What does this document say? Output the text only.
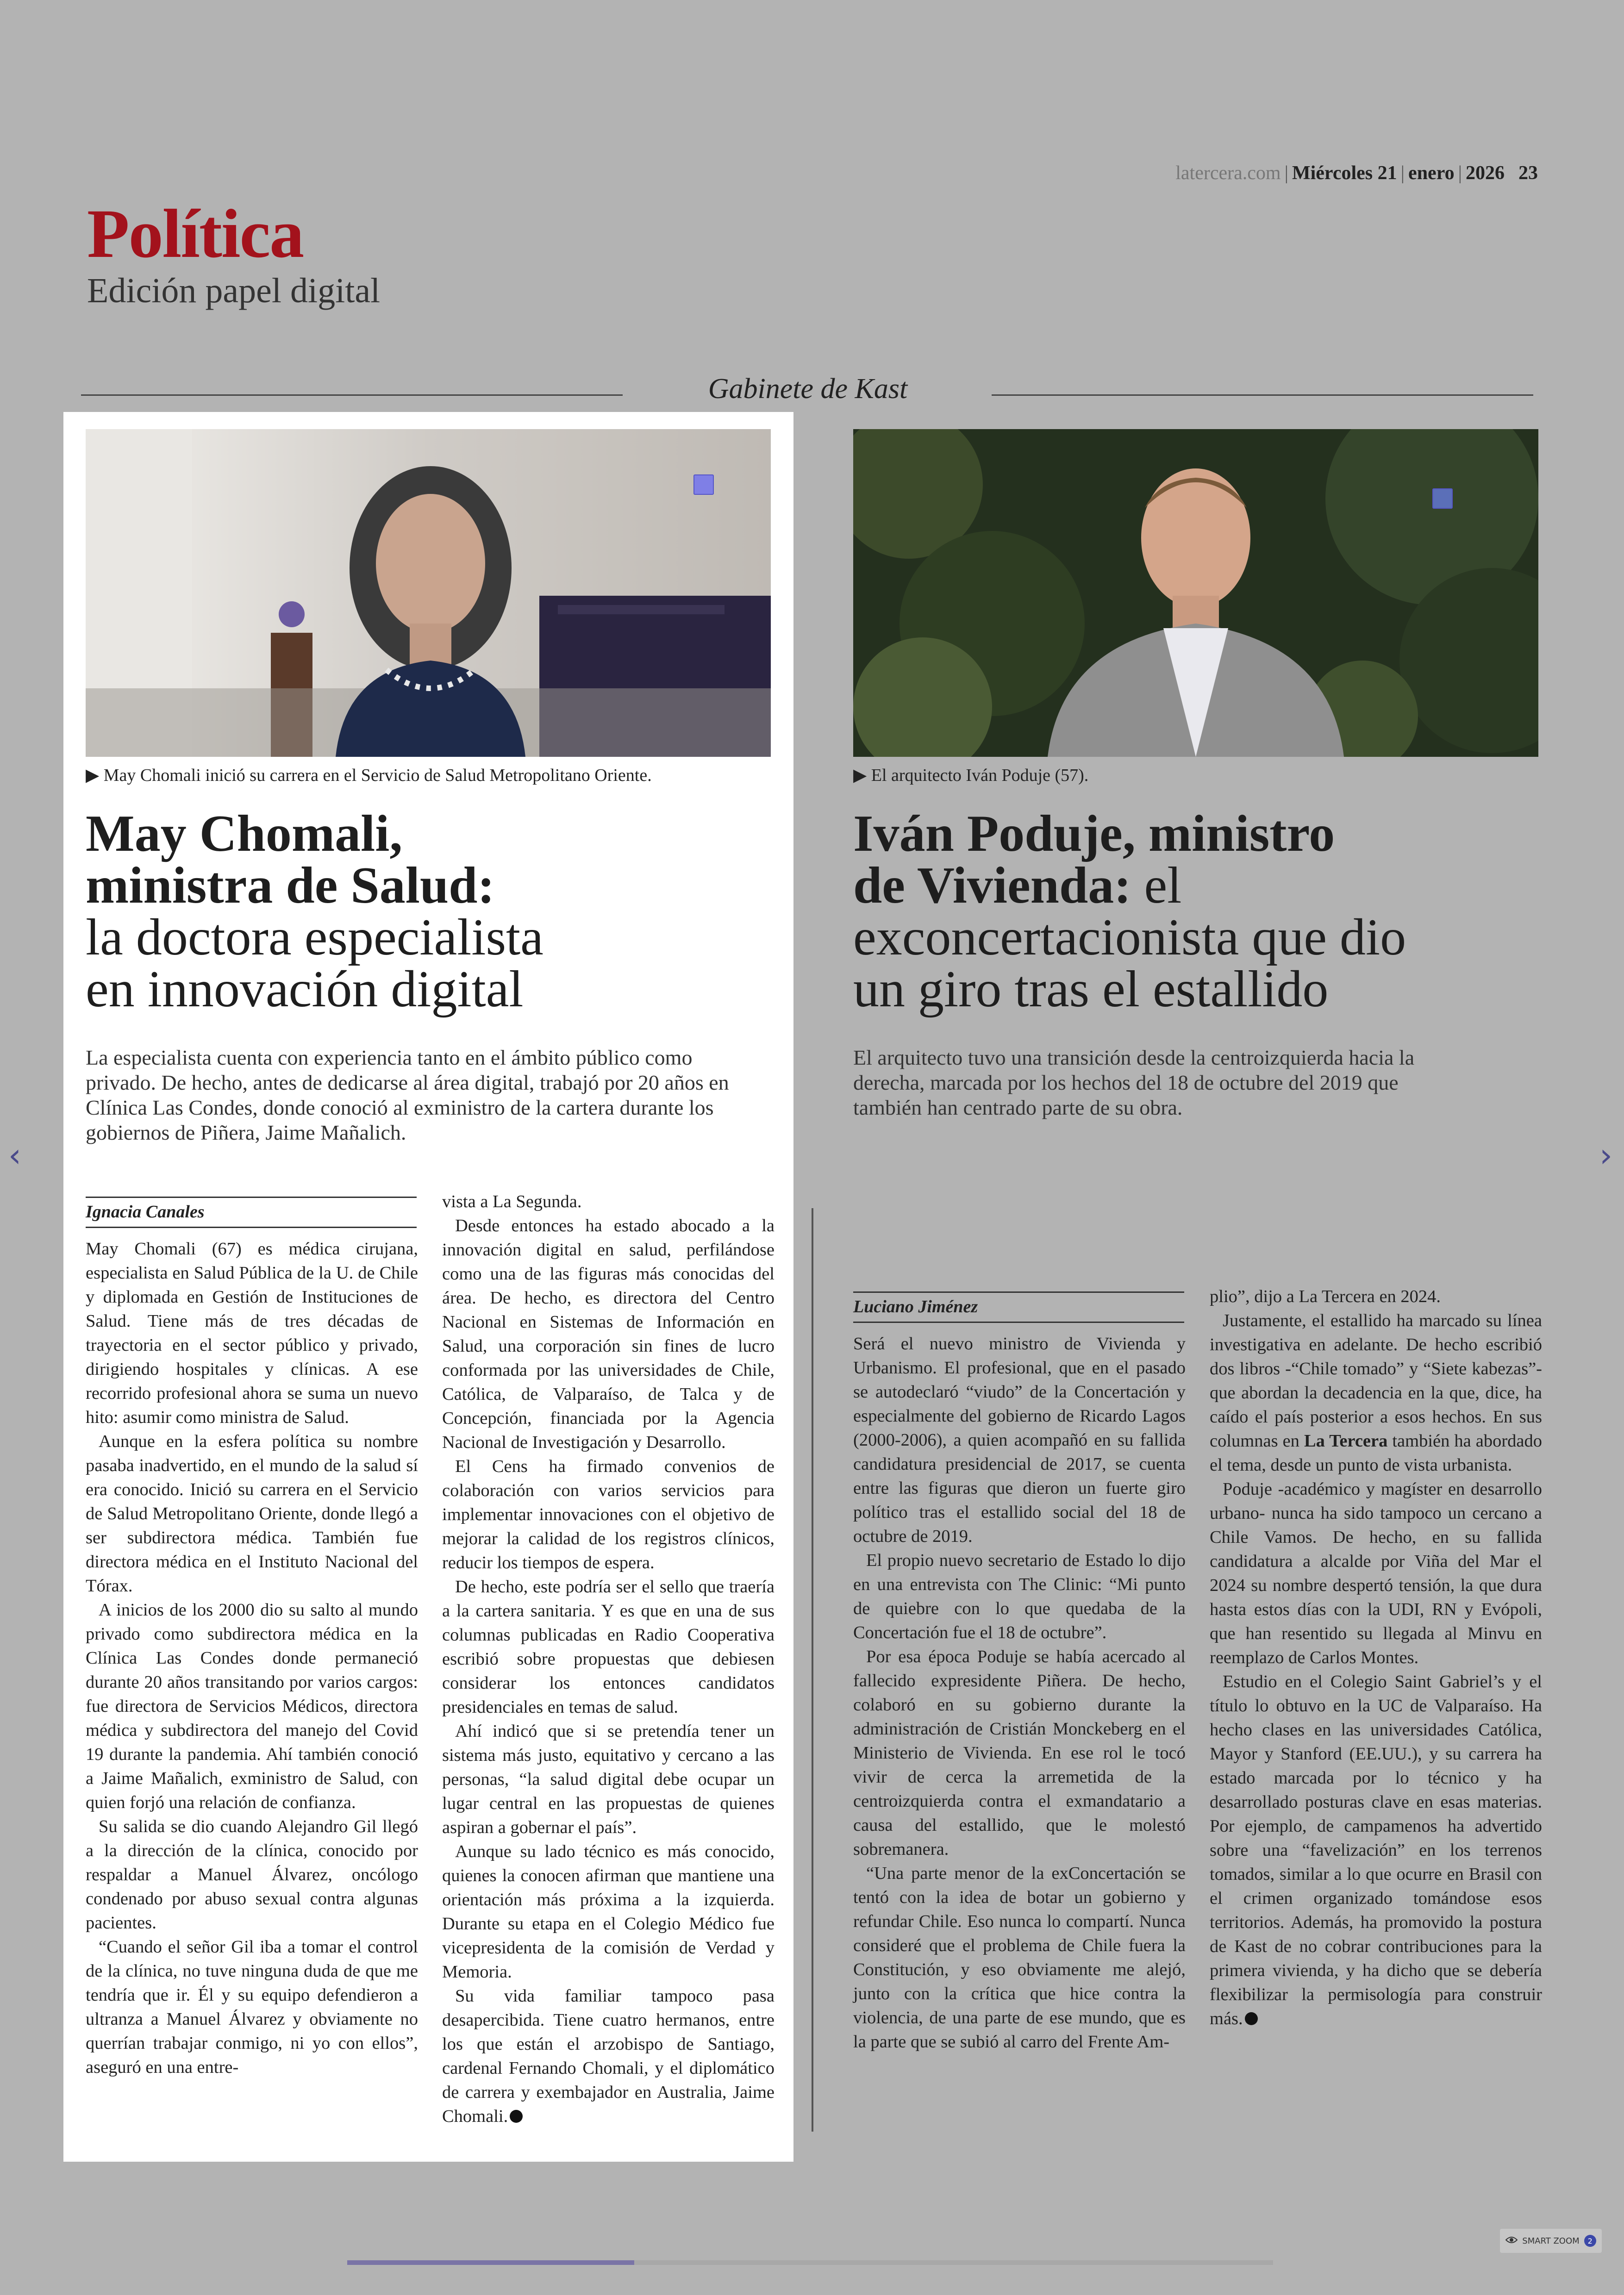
latercera.com | Miércoles 21 | enero | 2026 23
Política
Edición papel digital
Gabinete de Kast
▶ May Chomali inició su carrera en el Servicio de Salud Metropolitano Oriente.
May Chomali,
ministra de Salud:
la doctora especialista
en innovación digital
La especialista cuenta con experiencia tanto en el ámbito público como privado. De hecho, antes de dedicarse al área digital, trabajó por 20 años en Clínica Las Condes, donde conoció al exministro de la cartera durante los gobiernos de Piñera, Jaime Mañalich.
Ignacia Canales

May Chomali (67) es médica cirujana, especialista en Salud Pública de la U. de Chile y diplomada en Gestión de Instituciones de Salud. Tiene más de tres décadas de trayectoria en el sector público y privado, dirigiendo hospitales y clínicas. A ese recorrido profesional ahora se suma un nuevo hito: asumir como ministra de Salud.

Aunque en la esfera política su nombre pasaba inadvertido, en el mundo de la salud sí era conocido. Inició su carrera en el Servicio de Salud Metropolitano Oriente, donde llegó a ser subdirectora médica. También fue directora médica en el Instituto Nacional del Tórax.

A inicios de los 2000 dio su salto al mundo privado como subdirectora médica en la Clínica Las Condes donde permaneció durante 20 años transitando por varios cargos: fue directora de Servicios Médicos, directora médica y subdirectora del manejo del Covid 19 durante la pandemia. Ahí también conoció a Jaime Mañalich, exministro de Salud, con quien forjó una relación de confianza.

Su salida se dio cuando Alejandro Gil llegó a la dirección de la clínica, conocido por respaldar a Manuel Álvarez, oncólogo condenado por abuso sexual contra algunas pacientes.

“Cuando el señor Gil iba a tomar el control de la clínica, no tuve ninguna duda de que me tendría que ir. Él y su equipo defendieron a ultranza a Manuel Álvarez y obviamente no querrían trabajar conmigo, ni yo con ellos”, aseguró en una entre-

vista a La Segunda.

Desde entonces ha estado abocado a la innovación digital en salud, perfilándose como una de las figuras más conocidas del área. De hecho, es directora del Centro Nacional en Sistemas de Información en Salud, una corporación sin fines de lucro conformada por las universidades de Chile, Católica, de Valparaíso, de Talca y de Concepción, financiada por la Agencia Nacional de Investigación y Desarrollo.

El Cens ha firmado convenios de colaboración con varios servicios para implementar innovaciones con el objetivo de mejorar la calidad de los registros clínicos, reducir los tiempos de espera.

De hecho, este podría ser el sello que traería a la cartera sanitaria. Y es que en una de sus columnas publicadas en Radio Cooperativa escribió sobre propuestas que debiesen considerar los entonces candidatos presidenciales en temas de salud.

Ahí indicó que si se pretendía tener un sistema más justo, equitativo y cercano a las personas, “la salud digital debe ocupar un lugar central en las propuestas de quienes aspiran a gobernar el país”.

Aunque su lado técnico es más conocido, quienes la conocen afirman que mantiene una orientación más próxima a la izquierda. Durante su etapa en el Colegio Médico fue vicepresidenta de la comisión de Verdad y Memoria.

Su vida familiar tampoco pasa desapercibida. Tiene cuatro hermanos, entre los que están el arzobispo de Santiago, cardenal Fernando Chomali, y el diplomático de carrera y exembajador en Australia, Jaime Chomali.

▶ El arquitecto Iván Poduje (57).
Iván Poduje, ministro
de Vivienda: el
exconcertacionista que dio
un giro tras el estallido
El arquitecto tuvo una transición desde la centroizquierda hacia la derecha, marcada por los hechos del 18 de octubre del 2019 que también han centrado parte de su obra.
Luciano Jiménez

Será el nuevo ministro de Vivienda y Urbanismo. El profesional, que en el pasado se autodeclaró “viudo” de la Concertación y especialmente del gobierno de Ricardo Lagos (2000-2006), a quien acompañó en su fallida candidatura presidencial de 2017, se cuenta entre las figuras que dieron un fuerte giro político tras el estallido social del 18 de octubre de 2019.

El propio nuevo secretario de Estado lo dijo en una entrevista con The Clinic: “Mi punto de quiebre con lo que quedaba de la Concertación fue el 18 de octubre”.

Por esa época Poduje se había acercado al fallecido expresidente Piñera. De hecho, colaboró en su gobierno durante la administración de Cristián Monckeberg en el Ministerio de Vivienda. En ese rol le tocó vivir de cerca la arremetida de la centroizquierda contra el exmandatario a causa del estallido, que le molestó sobremanera.

“Una parte menor de la exConcertación se tentó con la idea de botar un gobierno y refundar Chile. Eso nunca lo compartí. Nunca consideré que el problema de Chile fuera la Constitución, y eso obviamente me alejó, junto con la crítica que hice contra la violencia, de una parte de ese mundo, que es la parte que se subió al carro del Frente Am-

plio”, dijo a La Tercera en 2024.

Justamente, el estallido ha marcado su línea investigativa en adelante. De hecho escribió dos libros -“Chile tomado” y “Siete kabezas”- que abordan la decadencia en la que, dice, ha caído el país posterior a esos hechos. En sus columnas en La Tercera también ha abordado el tema, desde un punto de vista urbanista.

Poduje -académico y magíster en desarrollo urbano- nunca ha sido tampoco un cercano a Chile Vamos. De hecho, en su fallida candidatura a alcalde por Viña del Mar el 2024 su nombre despertó tensión, la que dura hasta estos días con la UDI, RN y Evópoli, que han resentido su llegada al Minvu en reemplazo de Carlos Montes.

Estudio en el Colegio Saint Gabriel’s y el título lo obtuvo en la UC de Valparaíso. Ha hecho clases en las universidades Católica, Mayor y Stanford (EE.UU.), y su carrera ha estado marcada por lo técnico y ha desarrollado posturas clave en esas materias. Por ejemplo, de campamenos ha advertido sobre una “favelización” en los terrenos tomados, similar a lo que ocurre en Brasil con el crimen organizado tomándose esos territorios. Además, ha promovido la postura de Kast de no cobrar contribuciones para la primera vivienda, y ha dicho que se debería flexibilizar la permisología para construir más.

‹	›
SMART ZOOM	2
